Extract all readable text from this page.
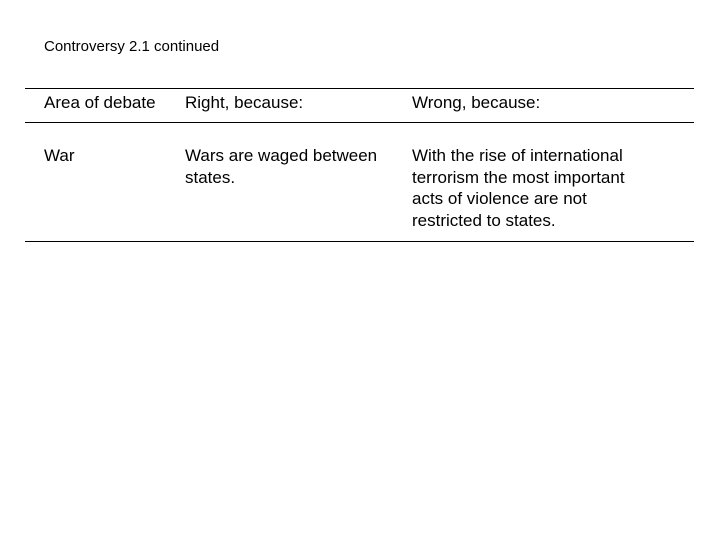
Controversy 2.1 continued
Area of debate Right, because:	Wrong, because:
War	Wars are waged between states.
With the rise of international terrorism the most important acts of violence are not restricted to states.
